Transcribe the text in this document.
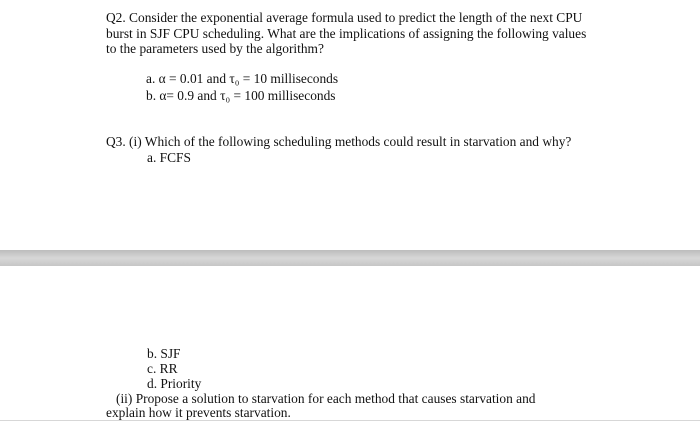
Q2. Consider the exponential average formula used to predict the length of the next CPU
burst in SJF CPU scheduling. What are the implications of assigning the following values
to the parameters used by the algorithm?
a. α = 0.01 and τ₀ = 10 milliseconds
b. α= 0.9 and τ₀ = 100 milliseconds
Q3. (i) Which of the following scheduling methods could result in starvation and why?
a. FCFS
b. SJF
c. RR
d. Priority
(ii) Propose a solution to starvation for each method that causes starvation and
explain how it prevents starvation.
